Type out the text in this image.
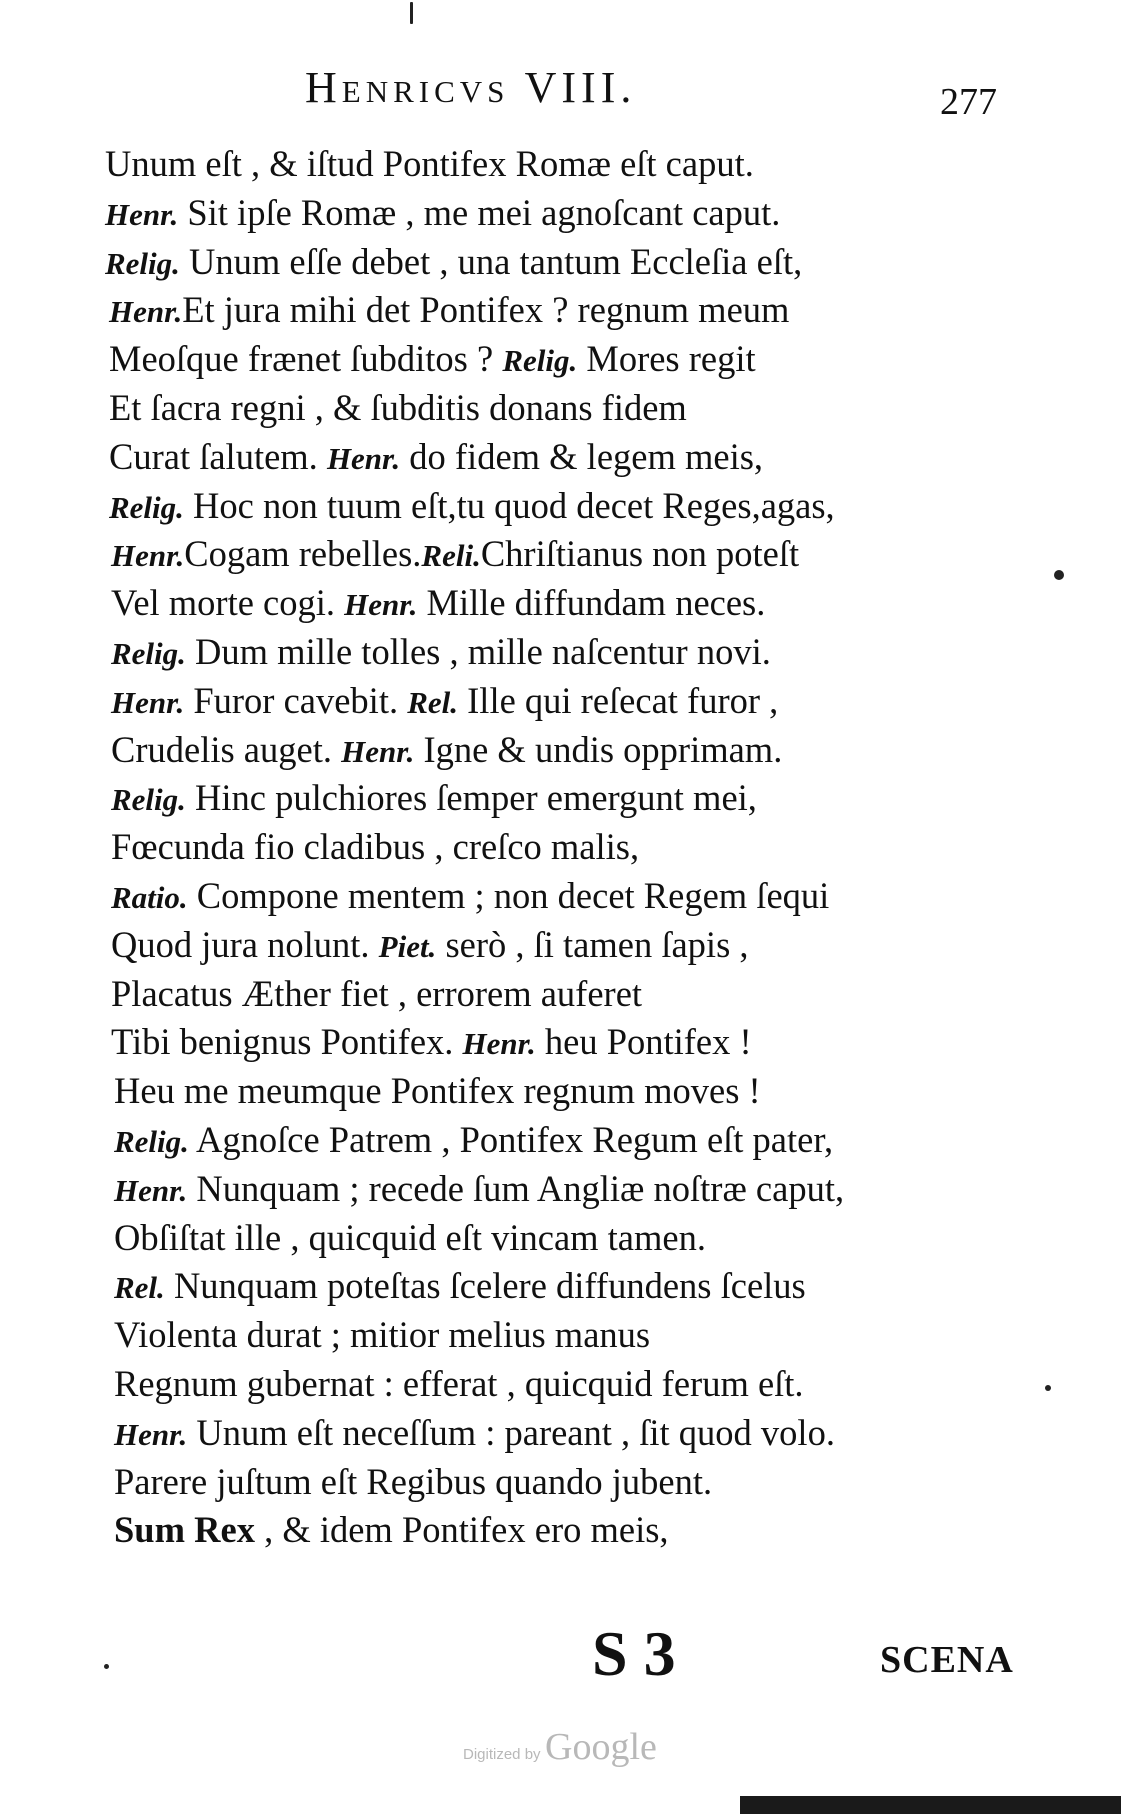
Henricvs VIII.	277
Unum eſt , & iſtud Pontifex Romæ eſt caput.
Henr. Sit ipſe Romæ , me mei agnoſcant caput.
Relig. Unum eſſe debet , una tantum Eccleſia eſt,
Henr.Et jura mihi det Pontifex ? regnum meum
Meoſque frænet ſubditos ? Relig. Mores regit
Et ſacra regni , & ſubditis donans fidem
Curat ſalutem. Henr. do fidem & legem meis,
Relig. Hoc non tuum eſt,tu quod decet Reges,agas,
Henr.Cogam rebelles.Reli.Chriſtianus non poteſt
Vel morte cogi. Henr. Mille diffundam neces.
Relig. Dum mille tolles , mille naſcentur novi.
Henr. Furor cavebit. Rel. Ille qui reſecat furor ,
Crudelis auget. Henr. Igne & undis opprimam.
Relig. Hinc pulchiores ſemper emergunt mei,
Fœcunda fio cladibus , creſco malis,
Ratio. Compone mentem ; non decet Regem ſequi
Quod jura nolunt. Piet. serò , ſi tamen ſapis ,
Placatus Æther fiet , errorem auferet
Tibi benignus Pontifex. Henr. heu Pontifex !
Heu me meumque Pontifex regnum moves !
Relig. Agnoſce Patrem , Pontifex Regum eſt pater,
Henr. Nunquam ; recede ſum Angliæ noſtræ caput,
Obſiſtat ille , quicquid eſt vincam tamen.
Rel. Nunquam poteſtas ſcelere diffundens ſcelus
Violenta durat ; mitior melius manus
Regnum gubernat : efferat , quicquid ferum eſt.
Henr. Unum eſt neceſſum : pareant , ſit quod volo.
Parere juſtum eſt Regibus quando jubent.
Sum Rex , & idem Pontifex ero meis,
S 3	SCENA
Digitized by Google
